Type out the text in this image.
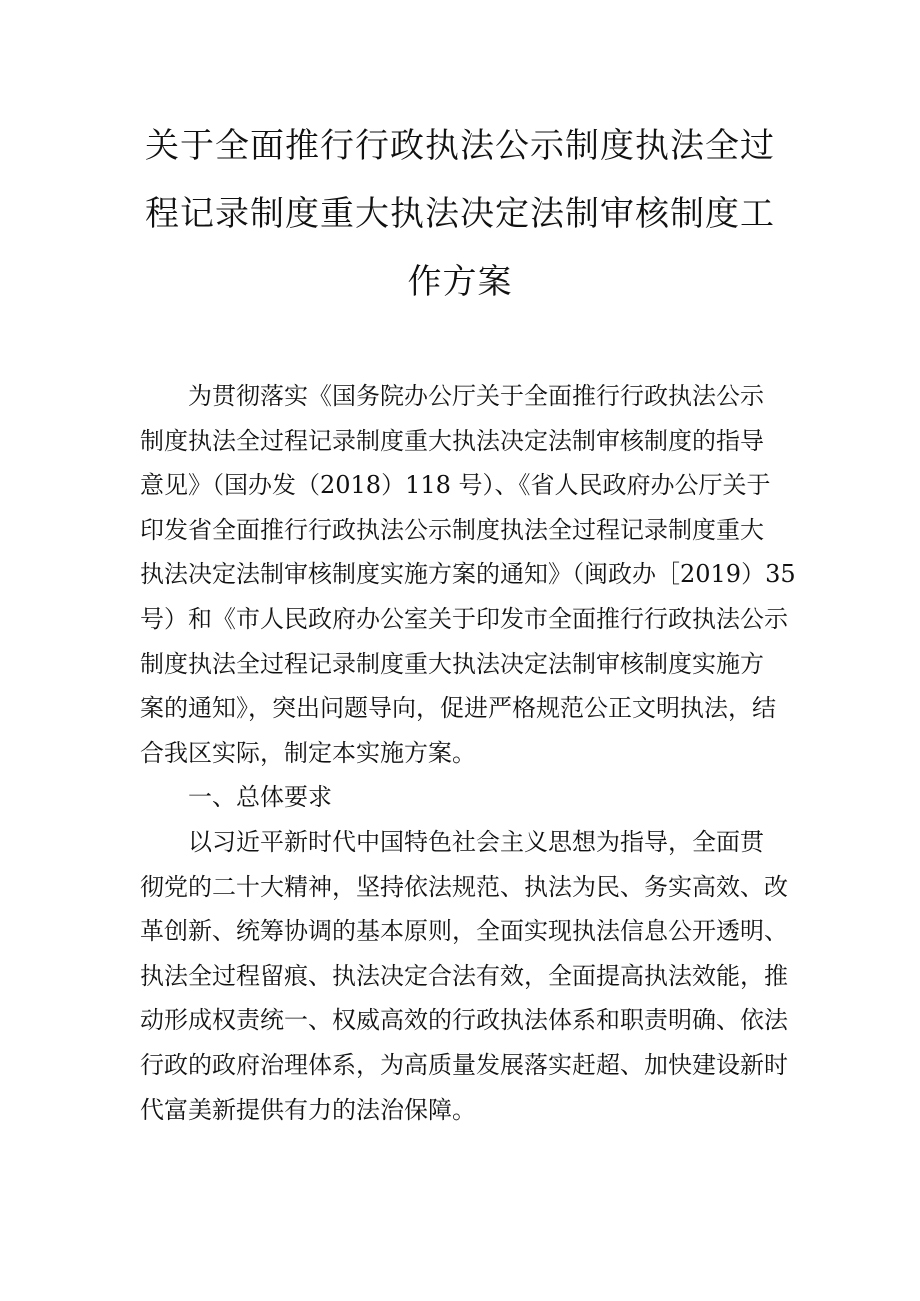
关于全面推行行政执法公示制度执法全过
程记录制度重大执法决定法制审核制度工
作方案
为贯彻落实《国务院办公厅关于全面推行行政执法公示
制度执法全过程记录制度重大执法决定法制审核制度的指导
意见》（国办发（2018）118 号）、《省人民政府办公厅关于
印发省全面推行行政执法公示制度执法全过程记录制度重大
执法决定法制审核制度实施方案的通知》（闽政办［2019）35
号）和《市人民政府办公室关于印发市全面推行行政执法公示
制度执法全过程记录制度重大执法决定法制审核制度实施方
案的通知》，突出问题导向，促进严格规范公正文明执法，结
合我区实际，制定本实施方案。
一、总体要求
以习近平新时代中国特色社会主义思想为指导，全面贯
彻党的二十大精神，坚持依法规范、执法为民、务实高效、改
革创新、统筹协调的基本原则，全面实现执法信息公开透明、
执法全过程留痕、执法决定合法有效，全面提高执法效能，推
动形成权责统一、权威高效的行政执法体系和职责明确、依法
行政的政府治理体系，为高质量发展落实赶超、加快建设新时
代富美新提供有力的法治保障。
